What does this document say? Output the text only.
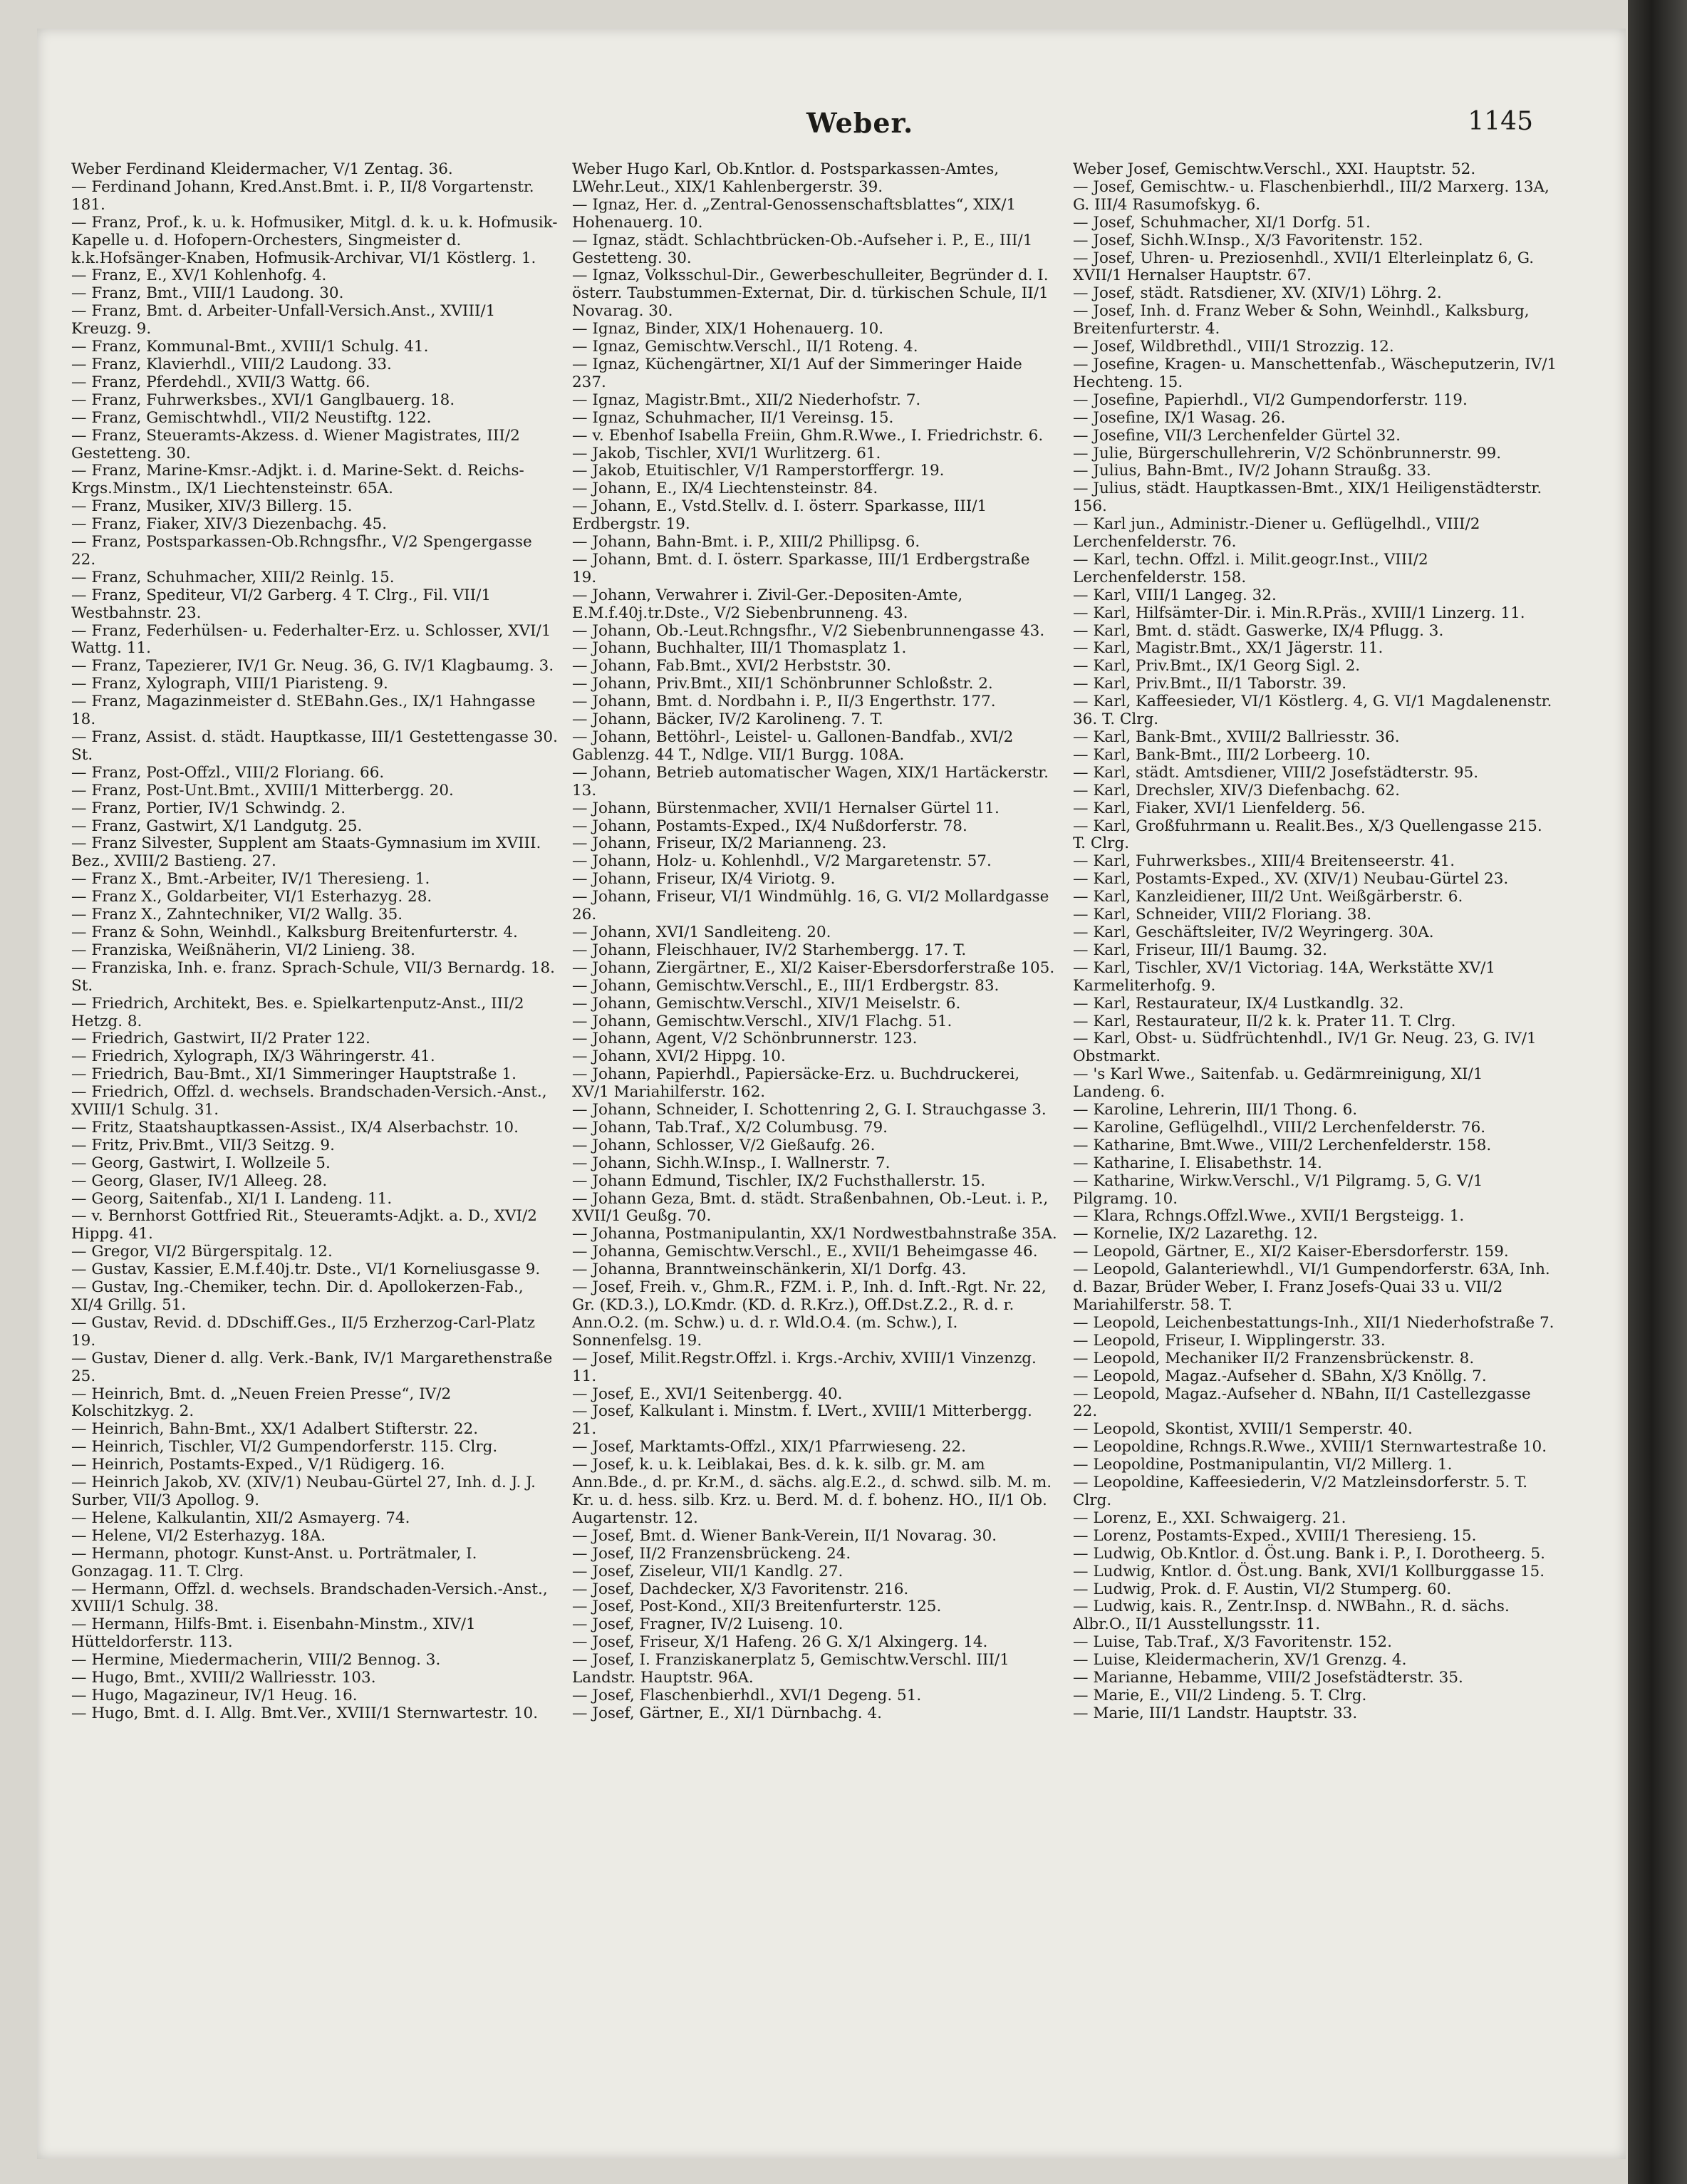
Weber.	1145

Weber Ferdinand Kleidermacher, V/1 Zentag. 36.

— Ferdinand Johann, Kred.Anst.Bmt. i. P., II/8 Vorgartenstr. 181.

— Franz, Prof., k. u. k. Hofmusiker, Mitgl. d. k. u. k. Hofmusik-Kapelle u. d. Hofopern-Orchesters, Singmeister d. k.k.Hofsänger-Knaben, Hofmusik-Archivar, VI/1 Köstlerg. 1.

— Franz, E., XV/1 Kohlenhofg. 4.

— Franz, Bmt., VIII/1 Laudong. 30.

— Franz, Bmt. d. Arbeiter-Unfall-Versich.Anst., XVIII/1 Kreuzg. 9.

— Franz, Kommunal-Bmt., XVIII/1 Schulg. 41.

— Franz, Klavierhdl., VIII/2 Laudong. 33.

— Franz, Pferdehdl., XVII/3 Wattg. 66.

— Franz, Fuhrwerksbes., XVI/1 Ganglbauerg. 18.

— Franz, Gemischtwhdl., VII/2 Neustiftg. 122.

— Franz, Steueramts-Akzess. d. Wiener Magistrates, III/2 Gestetteng. 30.

— Franz, Marine-Kmsr.-Adjkt. i. d. Marine-Sekt. d. Reichs-Krgs.Minstm., IX/1 Liechtensteinstr. 65A.

— Franz, Musiker, XIV/3 Billerg. 15.

— Franz, Fiaker, XIV/3 Diezenbachg. 45.

— Franz, Postsparkassen-Ob.Rchngsfhr., V/2 Spengergasse 22.

— Franz, Schuhmacher, XIII/2 Reinlg. 15.

— Franz, Spediteur, VI/2 Garberg. 4 T. Clrg., Fil. VII/1 Westbahnstr. 23.

— Franz, Federhülsen- u. Federhalter-Erz. u. Schlosser, XVI/1 Wattg. 11.

— Franz, Tapezierer, IV/1 Gr. Neug. 36, G. IV/1 Klagbaumg. 3.

— Franz, Xylograph, VIII/1 Piaristeng. 9.

— Franz, Magazinmeister d. StEBahn.Ges., IX/1 Hahngasse 18.

— Franz, Assist. d. städt. Hauptkasse, III/1 Gestettengasse 30. St.

— Franz, Post-Offzl., VIII/2 Floriang. 66.

— Franz, Post-Unt.Bmt., XVIII/1 Mitterbergg. 20.

— Franz, Portier, IV/1 Schwindg. 2.

— Franz, Gastwirt, X/1 Landgutg. 25.

— Franz Silvester, Supplent am Staats-Gymnasium im XVIII. Bez., XVIII/2 Bastieng. 27.

— Franz X., Bmt.-Arbeiter, IV/1 Theresieng. 1.

— Franz X., Goldarbeiter, VI/1 Esterhazyg. 28.

— Franz X., Zahntechniker, VI/2 Wallg. 35.

— Franz & Sohn, Weinhdl., Kalksburg Breitenfurterstr. 4.

— Franziska, Weißnäherin, VI/2 Linieng. 38.

— Franziska, Inh. e. franz. Sprach-Schule, VII/3 Bernardg. 18. St.

— Friedrich, Architekt, Bes. e. Spielkartenputz-Anst., III/2 Hetzg. 8.

— Friedrich, Gastwirt, II/2 Prater 122.

— Friedrich, Xylograph, IX/3 Währingerstr. 41.

— Friedrich, Bau-Bmt., XI/1 Simmeringer Hauptstraße 1.

— Friedrich, Offzl. d. wechsels. Brandschaden-Versich.-Anst., XVIII/1 Schulg. 31.

— Fritz, Staatshauptkassen-Assist., IX/4 Alserbachstr. 10.

— Fritz, Priv.Bmt., VII/3 Seitzg. 9.

— Georg, Gastwirt, I. Wollzeile 5.

— Georg, Glaser, IV/1 Alleeg. 28.

— Georg, Saitenfab., XI/1 I. Landeng. 11.

— v. Bernhorst Gottfried Rit., Steueramts-Adjkt. a. D., XVI/2 Hippg. 41.

— Gregor, VI/2 Bürgerspitalg. 12.

— Gustav, Kassier, E.M.f.40j.tr. Dste., VI/1 Korneliusgasse 9.

— Gustav, Ing.-Chemiker, techn. Dir. d. Apollokerzen-Fab., XI/4 Grillg. 51.

— Gustav, Revid. d. DDschiff.Ges., II/5 Erzherzog-Carl-Platz 19.

— Gustav, Diener d. allg. Verk.-Bank, IV/1 Margarethenstraße 25.

— Heinrich, Bmt. d. „Neuen Freien Presse“, IV/2 Kolschitzkyg. 2.

— Heinrich, Bahn-Bmt., XX/1 Adalbert Stifterstr. 22.

— Heinrich, Tischler, VI/2 Gumpendorferstr. 115. Clrg.

— Heinrich, Postamts-Exped., V/1 Rüdigerg. 16.

— Heinrich Jakob, XV. (XIV/1) Neubau-Gürtel 27, Inh. d. J. J. Surber, VII/3 Apollog. 9.

— Helene, Kalkulantin, XII/2 Asmayerg. 74.

— Helene, VI/2 Esterhazyg. 18A.

— Hermann, photogr. Kunst-Anst. u. Porträtmaler, I. Gonzagag. 11. T. Clrg.

— Hermann, Offzl. d. wechsels. Brandschaden-Versich.-Anst., XVIII/1 Schulg. 38.

— Hermann, Hilfs-Bmt. i. Eisenbahn-Minstm., XIV/1 Hütteldorferstr. 113.

— Hermine, Miedermacherin, VIII/2 Bennog. 3.

— Hugo, Bmt., XVIII/2 Wallriesstr. 103.

— Hugo, Magazineur, IV/1 Heug. 16.

— Hugo, Bmt. d. I. Allg. Bmt.Ver., XVIII/1 Sternwartestr. 10.

Weber Hugo Karl, Ob.Kntlor. d. Postsparkassen-Amtes, LWehr.Leut., XIX/1 Kahlenbergerstr. 39.

— Ignaz, Her. d. „Zentral-Genossenschaftsblattes“, XIX/1 Hohenauerg. 10.

— Ignaz, städt. Schlachtbrücken-Ob.-Aufseher i. P., E., III/1 Gestetteng. 30.

— Ignaz, Volksschul-Dir., Gewerbeschulleiter, Begründer d. I. österr. Taubstummen-Externat, Dir. d. türkischen Schule, II/1 Novarag. 30.

— Ignaz, Binder, XIX/1 Hohenauerg. 10.

— Ignaz, Gemischtw.Verschl., II/1 Roteng. 4.

— Ignaz, Küchengärtner, XI/1 Auf der Simmeringer Haide 237.

— Ignaz, Magistr.Bmt., XII/2 Niederhofstr. 7.

— Ignaz, Schuhmacher, II/1 Vereinsg. 15.

— v. Ebenhof Isabella Freiin, Ghm.R.Wwe., I. Friedrichstr. 6.

— Jakob, Tischler, XVI/1 Wurlitzerg. 61.

— Jakob, Etuitischler, V/1 Ramperstorffergr. 19.

— Johann, E., IX/4 Liechtensteinstr. 84.

— Johann, E., Vstd.Stellv. d. I. österr. Sparkasse, III/1 Erdbergstr. 19.

— Johann, Bahn-Bmt. i. P., XIII/2 Phillipsg. 6.

— Johann, Bmt. d. I. österr. Sparkasse, III/1 Erdbergstraße 19.

— Johann, Verwahrer i. Zivil-Ger.-Depositen-Amte, E.M.f.40j.tr.Dste., V/2 Siebenbrunneng. 43.

— Johann, Ob.-Leut.Rchngsfhr., V/2 Siebenbrunnengasse 43.

— Johann, Buchhalter, III/1 Thomasplatz 1.

— Johann, Fab.Bmt., XVI/2 Herbststr. 30.

— Johann, Priv.Bmt., XII/1 Schönbrunner Schloßstr. 2.

— Johann, Bmt. d. Nordbahn i. P., II/3 Engerthstr. 177.

— Johann, Bäcker, IV/2 Karolineng. 7. T.

— Johann, Bettöhrl-, Leistel- u. Gallonen-Bandfab., XVI/2 Gablenzg. 44 T., Ndlge. VII/1 Burgg. 108A.

— Johann, Betrieb automatischer Wagen, XIX/1 Hartäckerstr. 13.

— Johann, Bürstenmacher, XVII/1 Hernalser Gürtel 11.

— Johann, Postamts-Exped., IX/4 Nußdorferstr. 78.

— Johann, Friseur, IX/2 Marianneng. 23.

— Johann, Holz- u. Kohlenhdl., V/2 Margaretenstr. 57.

— Johann, Friseur, IX/4 Viriotg. 9.

— Johann, Friseur, VI/1 Windmühlg. 16, G. VI/2 Mollardgasse 26.

— Johann, XVI/1 Sandleiteng. 20.

— Johann, Fleischhauer, IV/2 Starhembergg. 17. T.

— Johann, Ziergärtner, E., XI/2 Kaiser-Ebersdorferstraße 105.

— Johann, Gemischtw.Verschl., E., III/1 Erdbergstr. 83.

— Johann, Gemischtw.Verschl., XIV/1 Meiselstr. 6.

— Johann, Gemischtw.Verschl., XIV/1 Flachg. 51.

— Johann, Agent, V/2 Schönbrunnerstr. 123.

— Johann, XVI/2 Hippg. 10.

— Johann, Papierhdl., Papiersäcke-Erz. u. Buchdruckerei, XV/1 Mariahilferstr. 162.

— Johann, Schneider, I. Schottenring 2, G. I. Strauchgasse 3.

— Johann, Tab.Traf., X/2 Columbusg. 79.

— Johann, Schlosser, V/2 Gießaufg. 26.

— Johann, Sichh.W.Insp., I. Wallnerstr. 7.

— Johann Edmund, Tischler, IX/2 Fuchsthallerstr. 15.

— Johann Geza, Bmt. d. städt. Straßenbahnen, Ob.-Leut. i. P., XVII/1 Geußg. 70.

— Johanna, Postmanipulantin, XX/1 Nordwestbahnstraße 35A.

— Johanna, Gemischtw.Verschl., E., XVII/1 Beheimgasse 46.

— Johanna, Branntweinschänkerin, XI/1 Dorfg. 43.

— Josef, Freih. v., Ghm.R., FZM. i. P., Inh. d. Inft.-Rgt. Nr. 22, Gr. (KD.3.), LO.Kmdr. (KD. d. R.Krz.), Off.Dst.Z.2., R. d. r. Ann.O.2. (m. Schw.) u. d. r. Wld.O.4. (m. Schw.), I. Sonnenfelsg. 19.

— Josef, Milit.Regstr.Offzl. i. Krgs.-Archiv, XVIII/1 Vinzenzg. 11.

— Josef, E., XVI/1 Seitenbergg. 40.

— Josef, Kalkulant i. Minstm. f. LVert., XVIII/1 Mitterbergg. 21.

— Josef, Marktamts-Offzl., XIX/1 Pfarrwieseng. 22.

— Josef, k. u. k. Leiblakai, Bes. d. k. k. silb. gr. M. am Ann.Bde., d. pr. Kr.M., d. sächs. alg.E.2., d. schwd. silb. M. m. Kr. u. d. hess. silb. Krz. u. Berd. M. d. f. bohenz. HO., II/1 Ob. Augartenstr. 12.

— Josef, Bmt. d. Wiener Bank-Verein, II/1 Novarag. 30.

— Josef, II/2 Franzensbrückeng. 24.

— Josef, Ziseleur, VII/1 Kandlg. 27.

— Josef, Dachdecker, X/3 Favoritenstr. 216.

— Josef, Post-Kond., XII/3 Breitenfurterstr. 125.

— Josef, Fragner, IV/2 Luiseng. 10.

— Josef, Friseur, X/1 Hafeng. 26 G. X/1 Alxingerg. 14.

— Josef, I. Franziskanerplatz 5, Gemischtw.Verschl. III/1 Landstr. Hauptstr. 96A.

— Josef, Flaschenbierhdl., XVI/1 Degeng. 51.

— Josef, Gärtner, E., XI/1 Dürnbachg. 4.

Weber Josef, Gemischtw.Verschl., XXI. Hauptstr. 52.

— Josef, Gemischtw.- u. Flaschenbierhdl., III/2 Marxerg. 13A, G. III/4 Rasumofskyg. 6.

— Josef, Schuhmacher, XI/1 Dorfg. 51.

— Josef, Sichh.W.Insp., X/3 Favoritenstr. 152.

— Josef, Uhren- u. Preziosenhdl., XVII/1 Elterleinplatz 6, G. XVII/1 Hernalser Hauptstr. 67.

— Josef, städt. Ratsdiener, XV. (XIV/1) Löhrg. 2.

— Josef, Inh. d. Franz Weber & Sohn, Weinhdl., Kalksburg, Breitenfurterstr. 4.

— Josef, Wildbrethdl., VIII/1 Strozzig. 12.

— Josefine, Kragen- u. Manschettenfab., Wäscheputzerin, IV/1 Hechteng. 15.

— Josefine, Papierhdl., VI/2 Gumpendorferstr. 119.

— Josefine, IX/1 Wasag. 26.

— Josefine, VII/3 Lerchenfelder Gürtel 32.

— Julie, Bürgerschullehrerin, V/2 Schönbrunnerstr. 99.

— Julius, Bahn-Bmt., IV/2 Johann Straußg. 33.

— Julius, städt. Hauptkassen-Bmt., XIX/1 Heiligenstädterstr. 156.

— Karl jun., Administr.-Diener u. Geflügelhdl., VIII/2 Lerchenfelderstr. 76.

— Karl, techn. Offzl. i. Milit.geogr.Inst., VIII/2 Lerchenfelderstr. 158.

— Karl, VIII/1 Langeg. 32.

— Karl, Hilfsämter-Dir. i. Min.R.Präs., XVIII/1 Linzerg. 11.

— Karl, Bmt. d. städt. Gaswerke, IX/4 Pflugg. 3.

— Karl, Magistr.Bmt., XX/1 Jägerstr. 11.

— Karl, Priv.Bmt., IX/1 Georg Sigl. 2.

— Karl, Priv.Bmt., II/1 Taborstr. 39.

— Karl, Kaffeesieder, VI/1 Köstlerg. 4, G. VI/1 Magdalenenstr. 36. T. Clrg.

— Karl, Bank-Bmt., XVIII/2 Ballriesstr. 36.

— Karl, Bank-Bmt., III/2 Lorbeerg. 10.

— Karl, städt. Amtsdiener, VIII/2 Josefstädterstr. 95.

— Karl, Drechsler, XIV/3 Diefenbachg. 62.

— Karl, Fiaker, XVI/1 Lienfelderg. 56.

— Karl, Großfuhrmann u. Realit.Bes., X/3 Quellengasse 215. T. Clrg.

— Karl, Fuhrwerksbes., XIII/4 Breitenseerstr. 41.

— Karl, Postamts-Exped., XV. (XIV/1) Neubau-Gürtel 23.

— Karl, Kanzleidiener, III/2 Unt. Weißgärberstr. 6.

— Karl, Schneider, VIII/2 Floriang. 38.

— Karl, Geschäftsleiter, IV/2 Weyringerg. 30A.

— Karl, Friseur, III/1 Baumg. 32.

— Karl, Tischler, XV/1 Victoriag. 14A, Werkstätte XV/1 Karmeliterhofg. 9.

— Karl, Restaurateur, IX/4 Lustkandlg. 32.

— Karl, Restaurateur, II/2 k. k. Prater 11. T. Clrg.

— Karl, Obst- u. Südfrüchtenhdl., IV/1 Gr. Neug. 23, G. IV/1 Obstmarkt.

— 's Karl Wwe., Saitenfab. u. Gedärmreinigung, XI/1 Landeng. 6.

— Karoline, Lehrerin, III/1 Thong. 6.

— Karoline, Geflügelhdl., VIII/2 Lerchenfelderstr. 76.

— Katharine, Bmt.Wwe., VIII/2 Lerchenfelderstr. 158.

— Katharine, I. Elisabethstr. 14.

— Katharine, Wirkw.Verschl., V/1 Pilgramg. 5, G. V/1 Pilgramg. 10.

— Klara, Rchngs.Offzl.Wwe., XVII/1 Bergsteigg. 1.

— Kornelie, IX/2 Lazarethg. 12.

— Leopold, Gärtner, E., XI/2 Kaiser-Ebersdorferstr. 159.

— Leopold, Galanteriewhdl., VI/1 Gumpendorferstr. 63A, Inh. d. Bazar, Brüder Weber, I. Franz Josefs-Quai 33 u. VII/2 Mariahilferstr. 58. T.

— Leopold, Leichenbestattungs-Inh., XII/1 Niederhofstraße 7.

— Leopold, Friseur, I. Wipplingerstr. 33.

— Leopold, Mechaniker II/2 Franzensbrückenstr. 8.

— Leopold, Magaz.-Aufseher d. SBahn, X/3 Knöllg. 7.

— Leopold, Magaz.-Aufseher d. NBahn, II/1 Castellezgasse 22.

— Leopold, Skontist, XVIII/1 Semperstr. 40.

— Leopoldine, Rchngs.R.Wwe., XVIII/1 Sternwartestraße 10.

— Leopoldine, Postmanipulantin, VI/2 Millerg. 1.

— Leopoldine, Kaffeesiederin, V/2 Matzleinsdorferstr. 5. T. Clrg.

— Lorenz, E., XXI. Schwaigerg. 21.

— Lorenz, Postamts-Exped., XVIII/1 Theresieng. 15.

— Ludwig, Ob.Kntlor. d. Öst.ung. Bank i. P., I. Dorotheerg. 5.

— Ludwig, Kntlor. d. Öst.ung. Bank, XVI/1 Kollburggasse 15.

— Ludwig, Prok. d. F. Austin, VI/2 Stumperg. 60.

— Ludwig, kais. R., Zentr.Insp. d. NWBahn., R. d. sächs. Albr.O., II/1 Ausstellungsstr. 11.

— Luise, Tab.Traf., X/3 Favoritenstr. 152.

— Luise, Kleidermacherin, XV/1 Grenzg. 4.

— Marianne, Hebamme, VIII/2 Josefstädterstr. 35.

— Marie, E., VII/2 Lindeng. 5. T. Clrg.

— Marie, III/1 Landstr. Hauptstr. 33.
